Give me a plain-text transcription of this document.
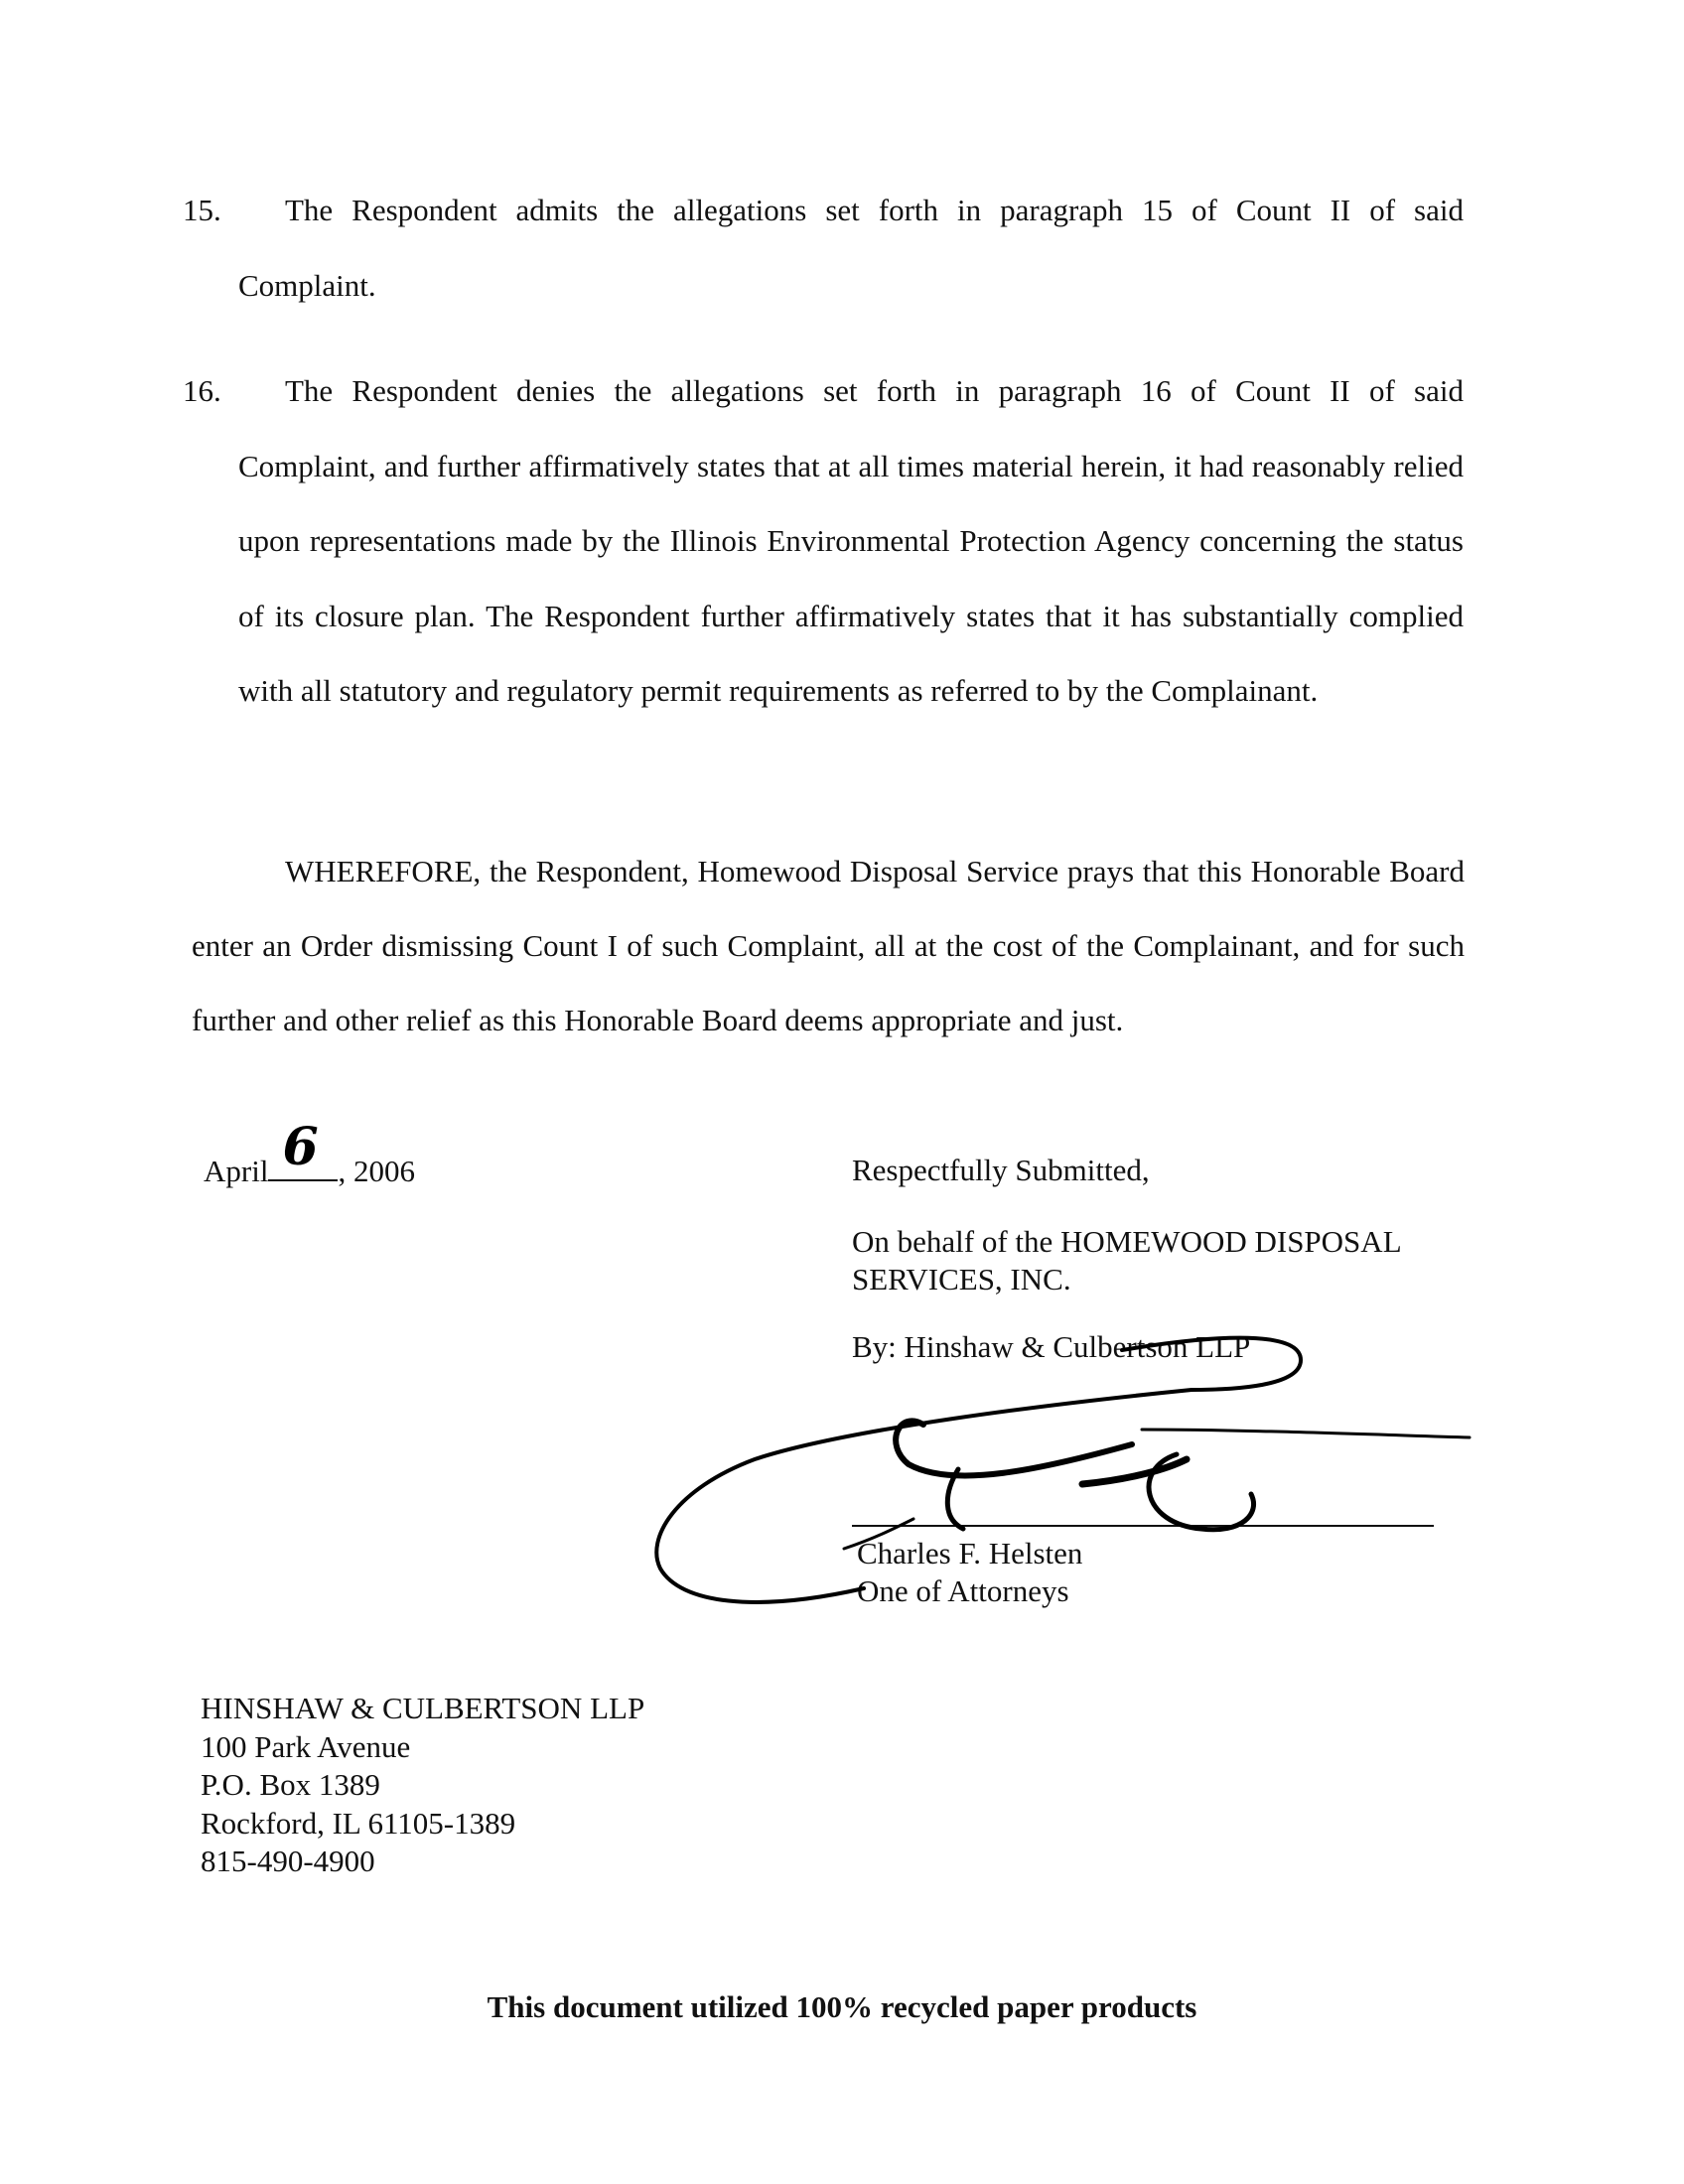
15. The Respondent admits the allegations set forth in paragraph 15 of Count II of said

Complaint.

16. The Respondent denies the allegations set forth in paragraph 16 of Count II of said

Complaint, and further affirmatively states that at all times material herein, it had reasonably relied upon representations made by the Illinois Environmental Protection Agency concerning the status of its closure plan. The Respondent further affirmatively states that it has substantially complied with all statutory and regulatory permit requirements as referred to by the Complainant.

WHEREFORE, the Respondent, Homewood Disposal Service prays that this Honorable Board enter an Order dismissing Count I of such Complaint, all at the cost of the Complainant, and for such further and other relief as this Honorable Board deems appropriate and just.

April 6 , 2006	Respectfully Submitted,
On behalf of the HOMEWOOD DISPOSAL
SERVICES, INC.
By: Hinshaw & Culbertson LLP
Charles F. Helsten
One of Attorneys
HINSHAW & CULBERTSON LLP
100 Park Avenue
P.O. Box 1389
Rockford, IL 61105-1389
815-490-4900
This document utilized 100% recycled paper products
